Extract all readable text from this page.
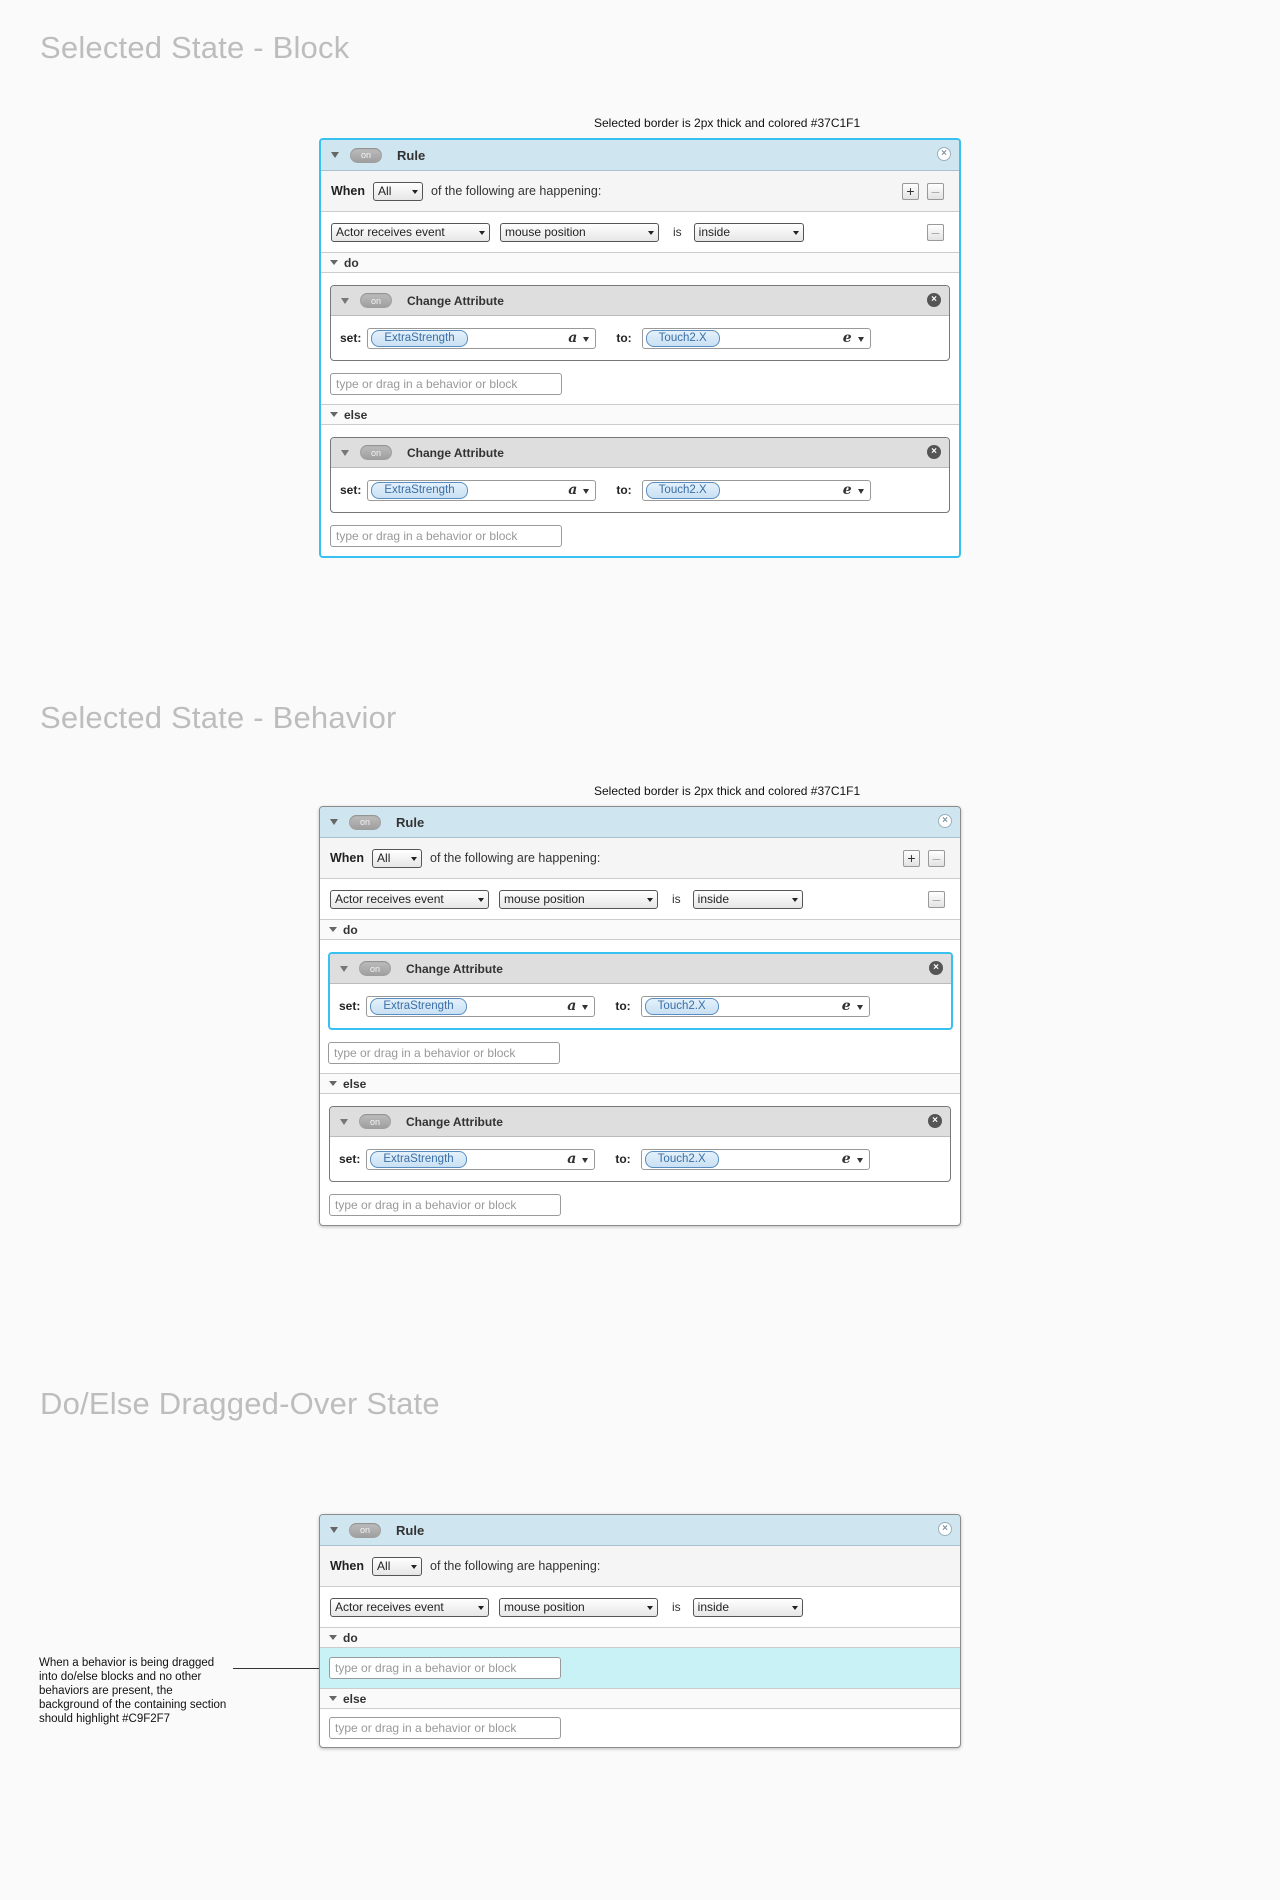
Selected State - Block
Selected border is 2px thick and colored #37C1F1
on	Rule	×
When All	of the following are happening:	+	–
Actor receives event	mouse position	is inside	–
do
on	Change Attribute	×
set:	ExtraStrength	a	to:	Touch2.X	e
type or drag in a behavior or block
else
on	Change Attribute	×
set:	ExtraStrength	a	to:	Touch2.X	e
type or drag in a behavior or block
Selected State - Behavior
Selected border is 2px thick and colored #37C1F1
on	Rule	×
When All	of the following are happening:	+	–
Actor receives event	mouse position	is inside	–
do
on	Change Attribute	×
set:	ExtraStrength	a	to:	Touch2.X	e
type or drag in a behavior or block
else
on	Change Attribute	×
set:	ExtraStrength	a	to:	Touch2.X	e
type or drag in a behavior or block
Do/Else Dragged-Over State
When a behavior is being dragged into do/else blocks and no other behaviors are present, the background of the containing section should highlight #C9F2F7
on	Rule	×
When All	of the following are happening:
Actor receives event	mouse position	is inside
do
type or drag in a behavior or block
else
type or drag in a behavior or block
